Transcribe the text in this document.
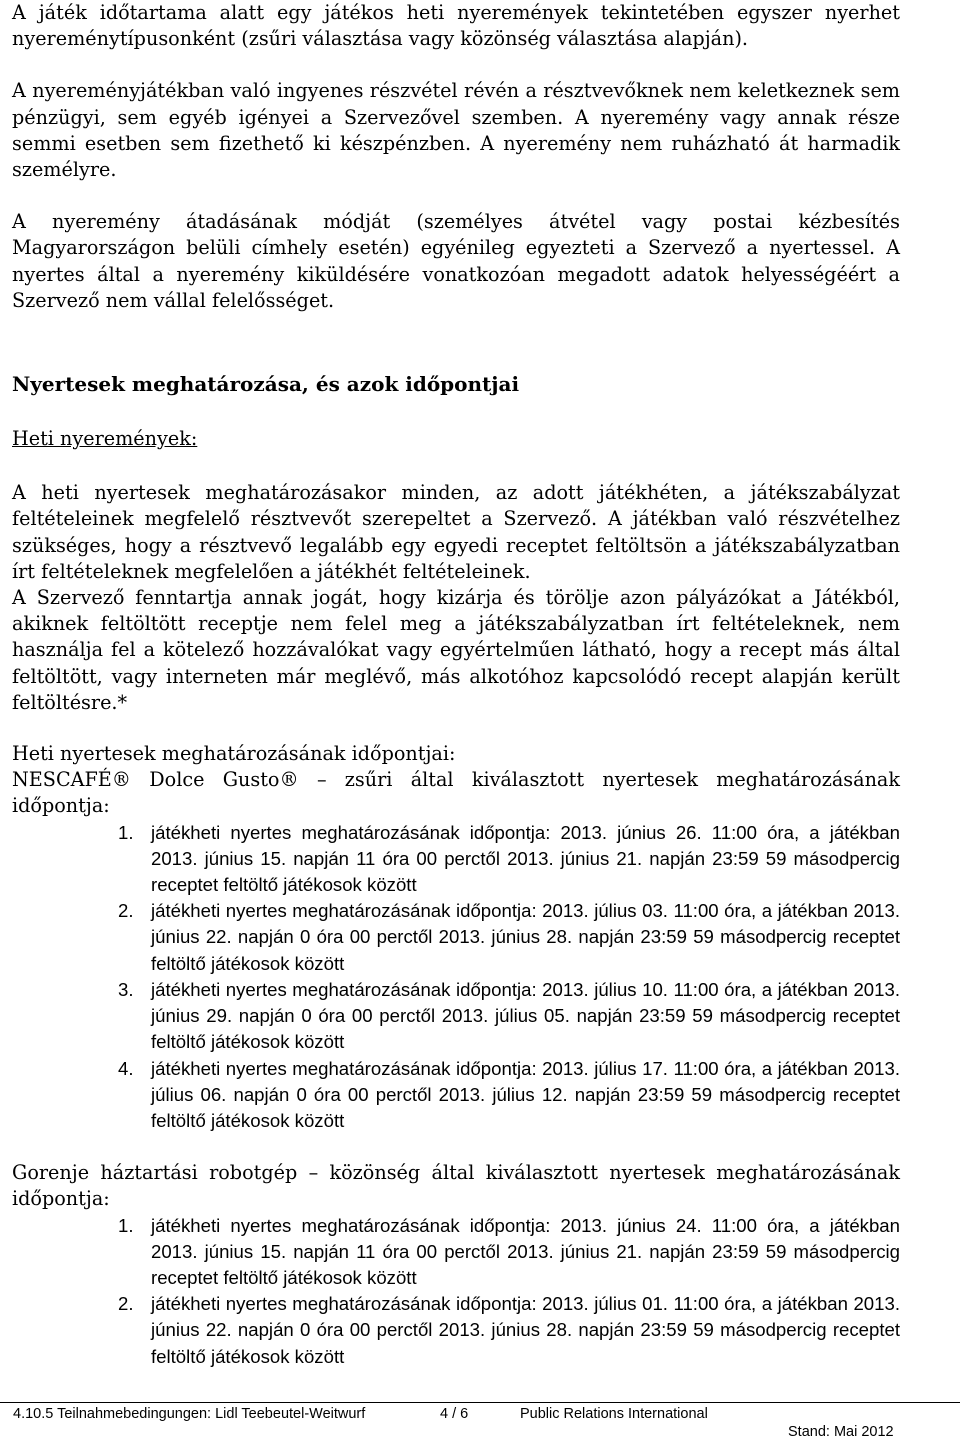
A játék időtartama alatt egy játékos heti nyeremények tekintetében egyszer nyerhet nyereménytípusonként (zsűri választása vagy közönség választása alapján).

A nyereményjátékban való ingyenes részvétel révén a résztvevőknek nem keletkeznek sem pénzügyi, sem egyéb igényei a Szervezővel szemben. A nyeremény vagy annak része semmi esetben sem fizethető ki készpénzben. A nyeremény nem ruházható át harmadik személyre.

A nyeremény átadásának módját (személyes átvétel vagy postai kézbesítés Magyarországon belüli címhely esetén) egyénileg egyezteti a Szervező a nyertessel. A nyertes által a nyeremény kiküldésére vonatkozóan megadott adatok helyességéért a Szervező nem vállal felelősséget.

Nyertesek meghatározása, és azok időpontjai

Heti nyeremények:

A heti nyertesek meghatározásakor minden, az adott játékhéten, a játékszabályzat feltételeinek megfelelő résztvevőt szerepeltet a Szervező. A játékban való részvételhez szükséges, hogy a résztvevő legalább egy egyedi receptet feltöltsön a játékszabályzatban írt feltételeknek megfelelően a játékhét feltételeinek.

A Szervező fenntartja annak jogát, hogy kizárja és törölje azon pályázókat a Játékból, akiknek feltöltött receptje nem felel meg a játékszabályzatban írt feltételeknek, nem használja fel a kötelező hozzávalókat vagy egyértelműen látható, hogy a recept más által feltöltött, vagy interneten már meglévő, más alkotóhoz kapcsolódó recept alapján került feltöltésre.*

Heti nyertesek meghatározásának időpontjai:

NESCAFÉ® Dolce Gusto® – zsűri által kiválasztott nyertesek meghatározásának időpontja:

1. játékheti nyertes meghatározásának időpontja: 2013. június 26. 11:00 óra, a játékban 2013. június 15. napján 11 óra 00 perctől 2013. június 21. napján 23:59 59 másodpercig receptet feltöltő játékosok között
2. játékheti nyertes meghatározásának időpontja: 2013. július 03. 11:00 óra, a játékban 2013. június 22. napján 0 óra 00 perctől 2013. június 28. napján 23:59 59 másodpercig receptet feltöltő játékosok között
3. játékheti nyertes meghatározásának időpontja: 2013. július 10. 11:00 óra, a játékban 2013. június 29. napján 0 óra 00 perctől 2013. július 05. napján 23:59 59 másodpercig receptet feltöltő játékosok között
4. játékheti nyertes meghatározásának időpontja: 2013. július 17. 11:00 óra, a játékban 2013. július 06. napján 0 óra 00 perctől 2013. július 12. napján 23:59 59 másodpercig receptet feltöltő játékosok között

Gorenje háztartási robotgép – közönség által kiválasztott nyertesek meghatározásának időpontja:

1. játékheti nyertes meghatározásának időpontja: 2013. június 24. 11:00 óra, a játékban 2013. június 15. napján 11 óra 00 perctől 2013. június 21. napján 23:59 59 másodpercig receptet feltöltő játékosok között
2. játékheti nyertes meghatározásának időpontja: 2013. július 01. 11:00 óra, a játékban 2013. június 22. napján 0 óra 00 perctől 2013. június 28. napján 23:59 59 másodpercig receptet feltöltő játékosok között
4.10.5 Teilnahmebedingungen: Lidl Teebeutel-Weitwurf	4 / 6	Public Relations International
Stand: Mai 2012
